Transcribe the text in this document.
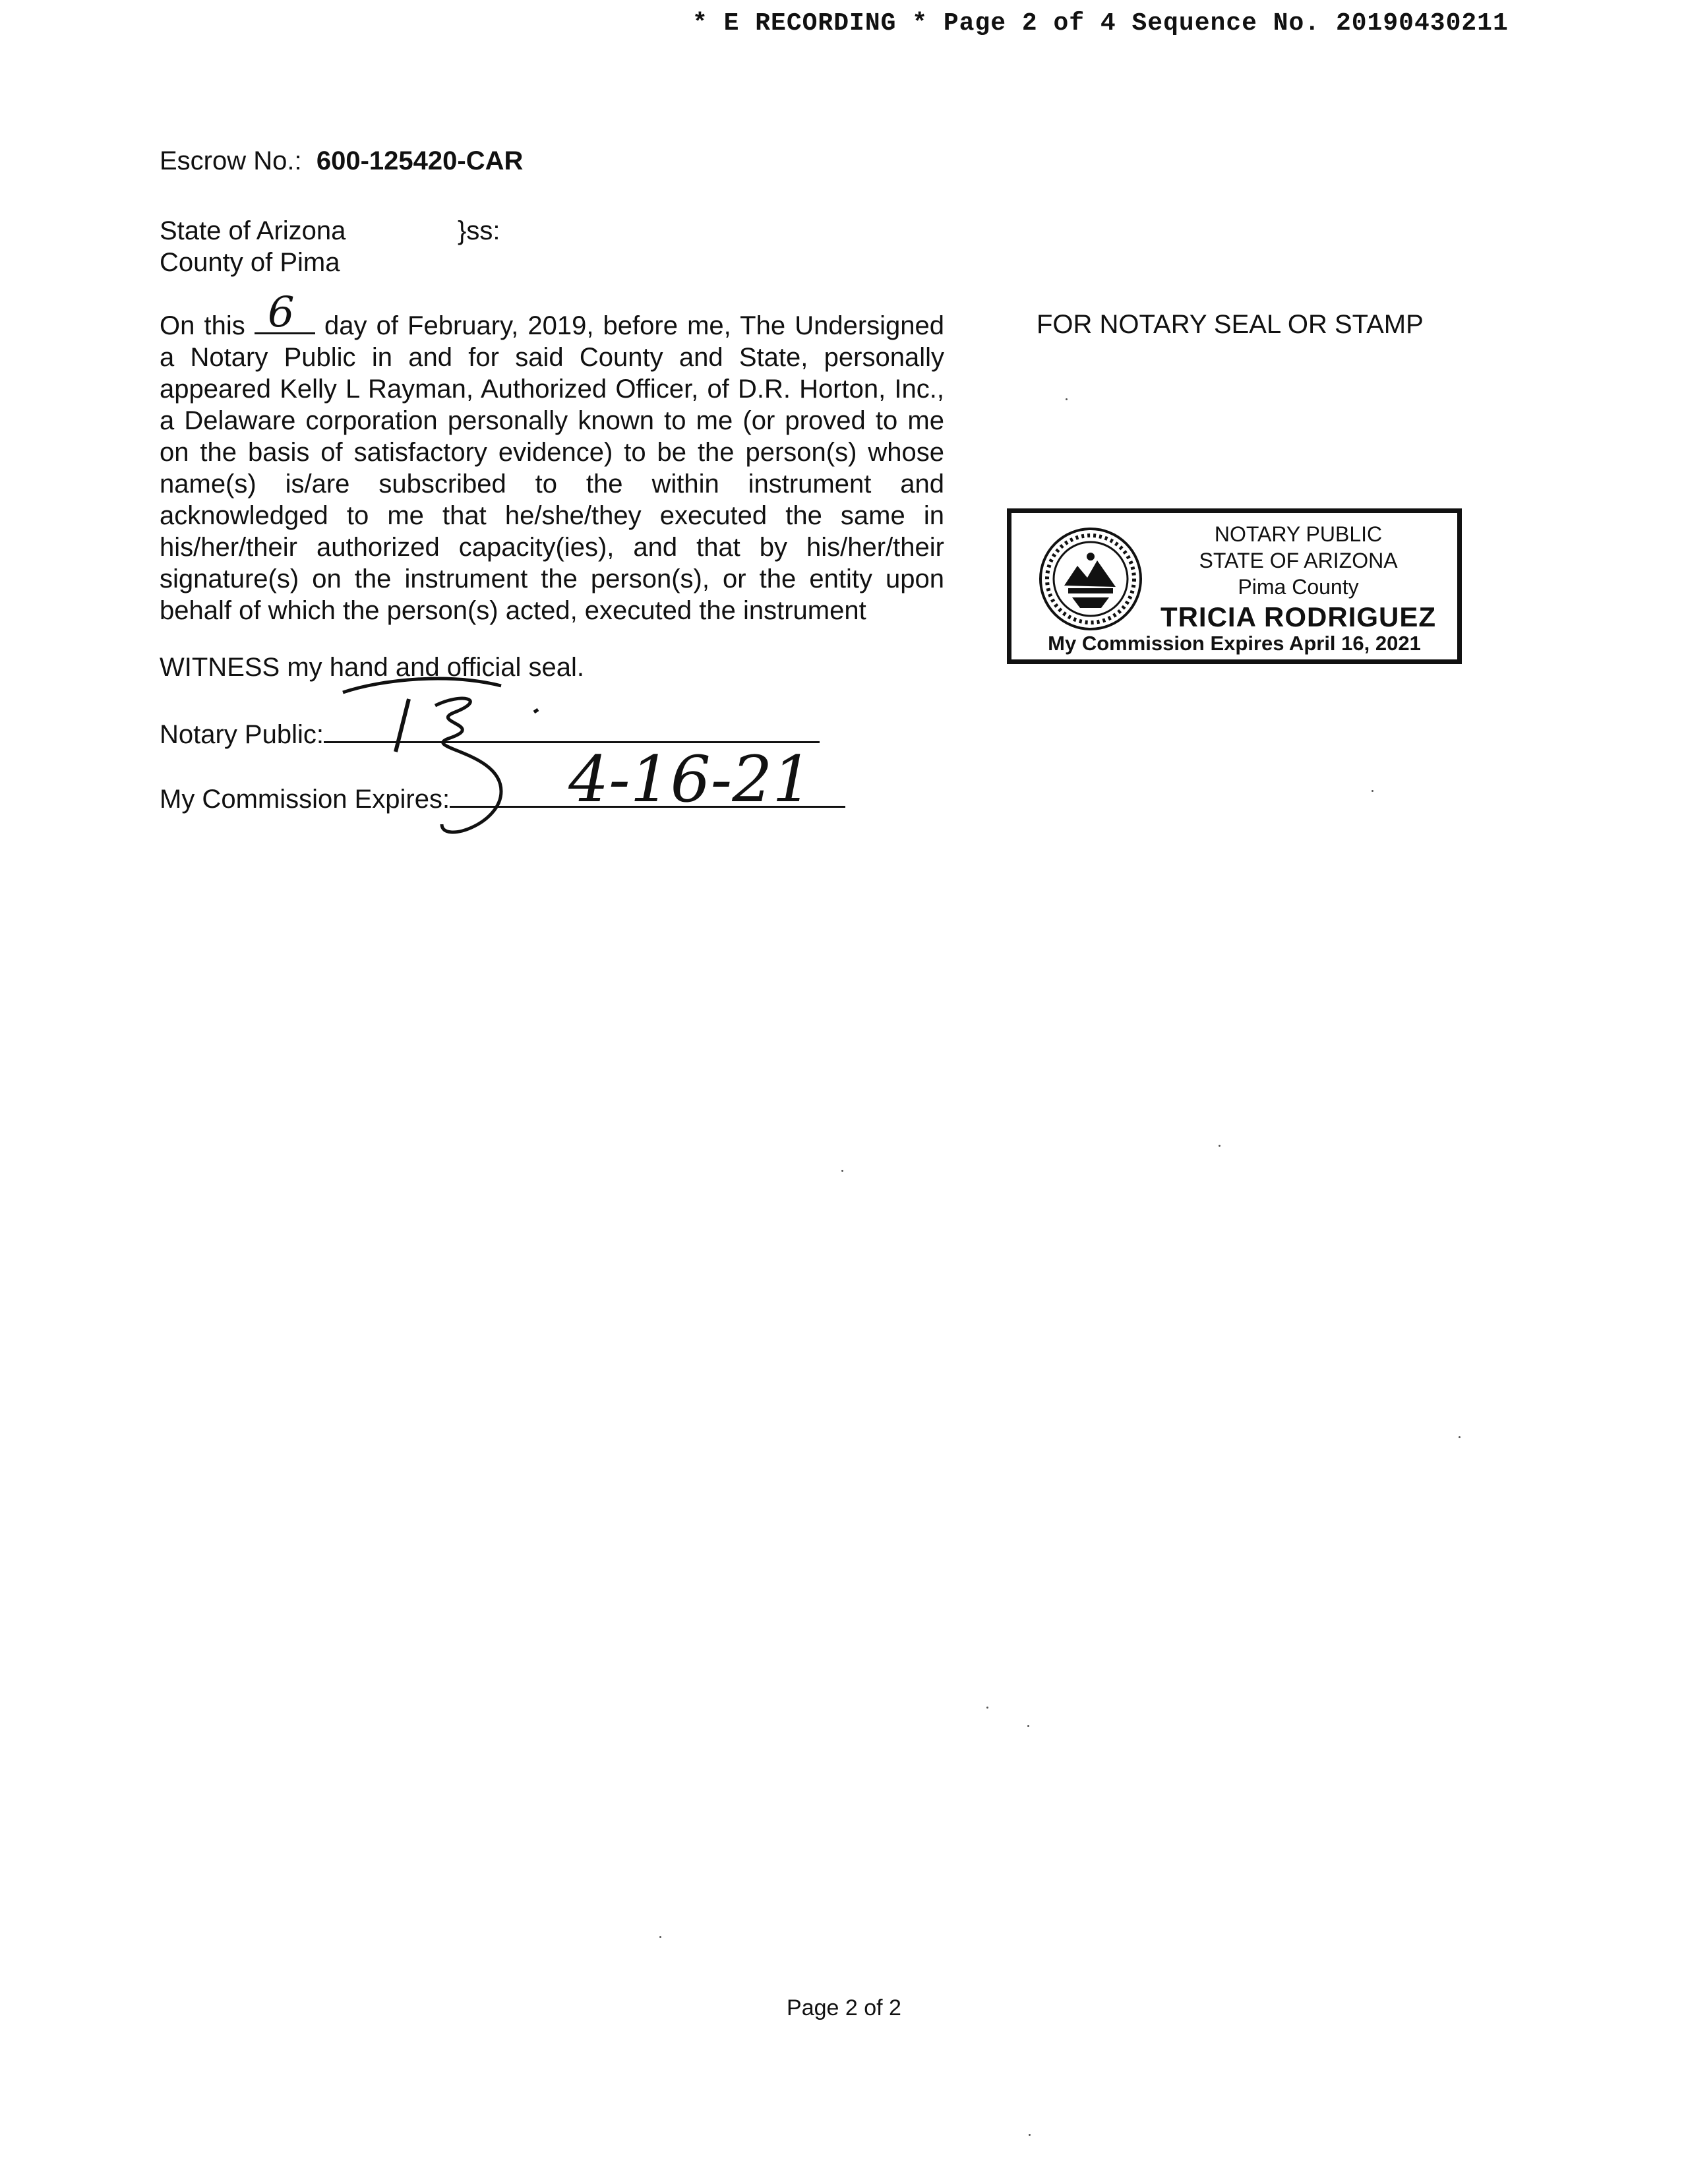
* E RECORDING * Page 2 of 4 Sequence No. 20190430211
Escrow No.: 600-125420-CAR
State of Arizona
County of Pima
}ss:

On this 6 day of February, 2019, before me, The Undersigned a Notary Public in and for said County and State, personally appeared Kelly L Rayman, Authorized Officer, of D.R. Horton, Inc., a Delaware corporation personally known to me (or proved to me on the basis of satisfactory evidence) to be the person(s) whose name(s) is/are subscribed to the within instrument and acknowledged to me that he/she/they executed the same in his/her/their authorized capacity(ies), and that by his/her/their signature(s) on the instrument the person(s), or the entity upon behalf of which the person(s) acted, executed the instrument

WITNESS my hand and official seal.
Notary Public:
My Commission Expires: 4-16-21
FOR NOTARY SEAL OR STAMP
NOTARY PUBLIC
STATE OF ARIZONA
Pima County
TRICIA RODRIGUEZ
My Commission Expires April 16, 2021
Page 2 of 2
